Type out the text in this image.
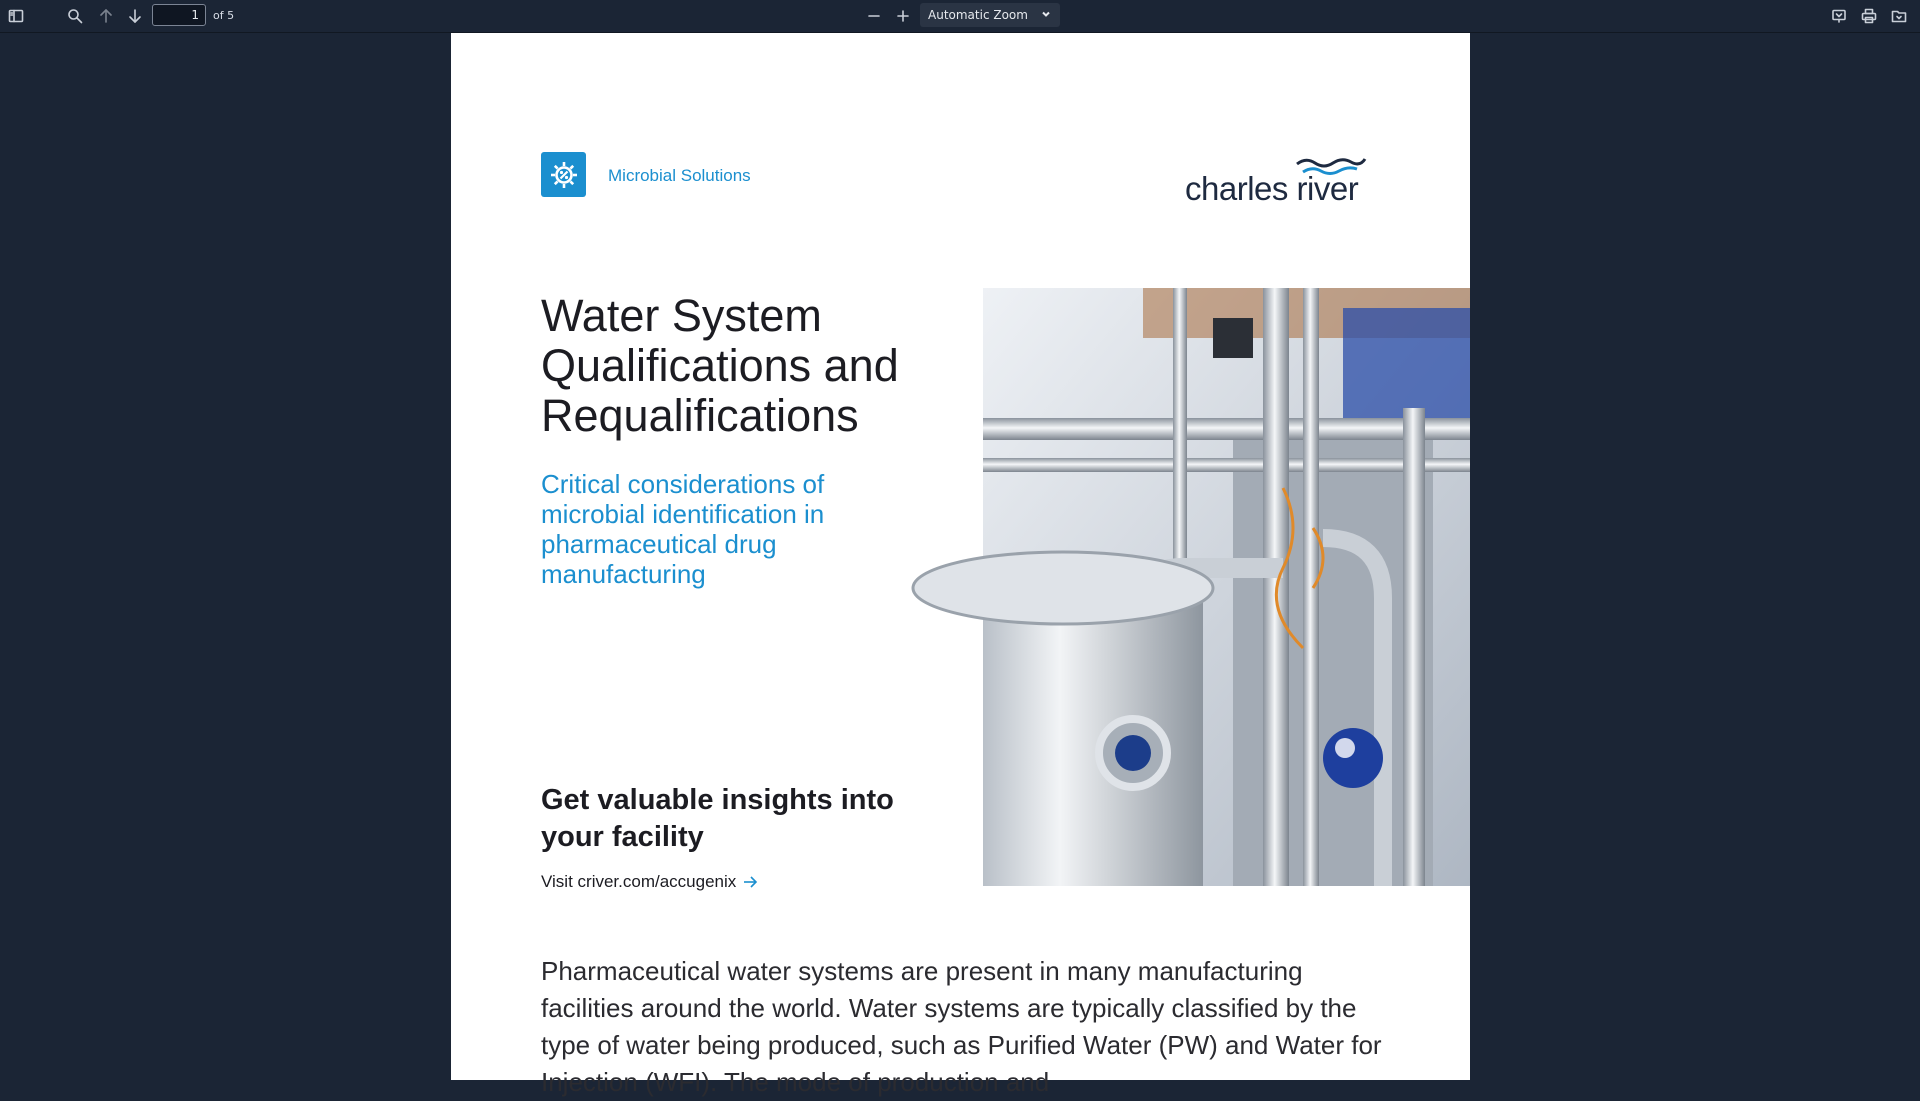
1
of 5	Automatic Zoom
Microbial Solutions	charles river
Water System Qualifications and Requalifications

Critical considerations of microbial identification in pharmaceutical drug manufacturing

Get valuable insights into your facility
Visit criver.com/accugenix

Pharmaceutical water systems are present in many manufacturing facilities around the world. Water systems are typically classified by the type of water being produced, such as Purified Water (PW) and Water for Injection (WFI). The mode of production and
